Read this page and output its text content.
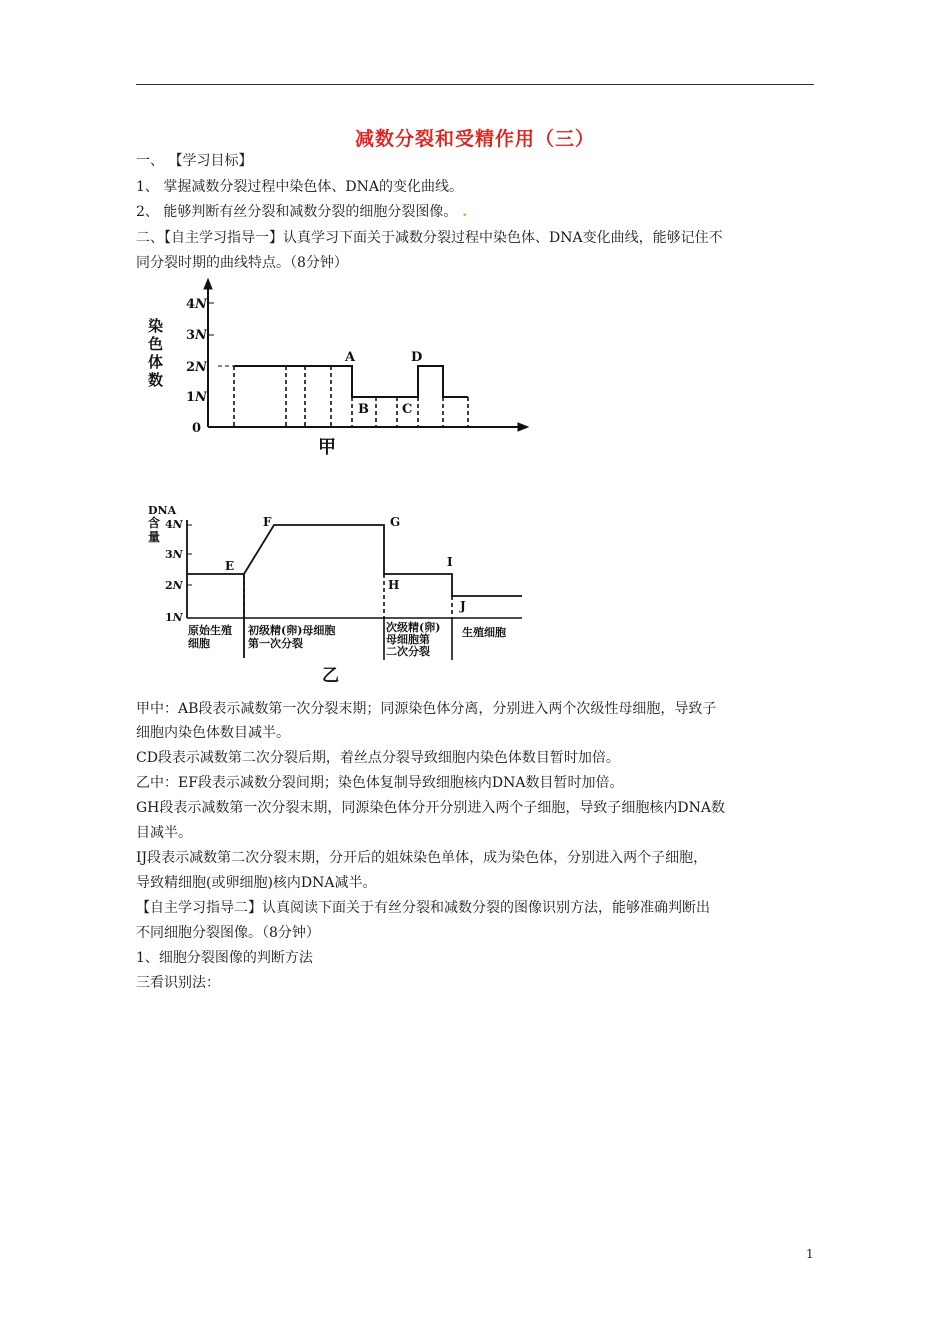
减数分裂和受精作用（三）
一、 【学习目标】
1、 掌握减数分裂过程中染色体、DNA的变化曲线。
2、 能够判断有丝分裂和减数分裂的细胞分裂图像。 .
二、【自主学习指导一】认真学习下面关于减数分裂过程中染色体、DNA变化曲线，能够记住不
同分裂时期的曲线特点。（8分钟）
染
色
体
数
4N
3N
2N
1N
0
A
B	C
D
甲
DNA
含
量
4N
3N
2N
1N
E
F	G
H
I
J
原始生殖
细胞
初级精(卵)母细胞
第一次分裂
次级精(卵)
母细胞第
二次分裂
生殖细胞
乙
甲中：AB段表示减数第一次分裂末期；同源染色体分离，分别进入两个次级性母细胞，导致子
细胞内染色体数目减半。
CD段表示减数第二次分裂后期，着丝点分裂导致细胞内染色体数目暂时加倍。
乙中：EF段表示减数分裂间期；染色体复制导致细胞核内DNA数目暂时加倍。
GH段表示减数第一次分裂末期，同源染色体分开分别进入两个子细胞，导致子细胞核内DNA数
目减半。
IJ段表示减数第二次分裂末期，分开后的姐妹染色单体，成为染色体，分别进入两个子细胞，
导致精细胞(或卵细胞)核内DNA减半。
【自主学习指导二】认真阅读下面关于有丝分裂和减数分裂的图像识别方法，能够准确判断出
不同细胞分裂图像。（8分钟）
1、细胞分裂图像的判断方法
三看识别法：
1
